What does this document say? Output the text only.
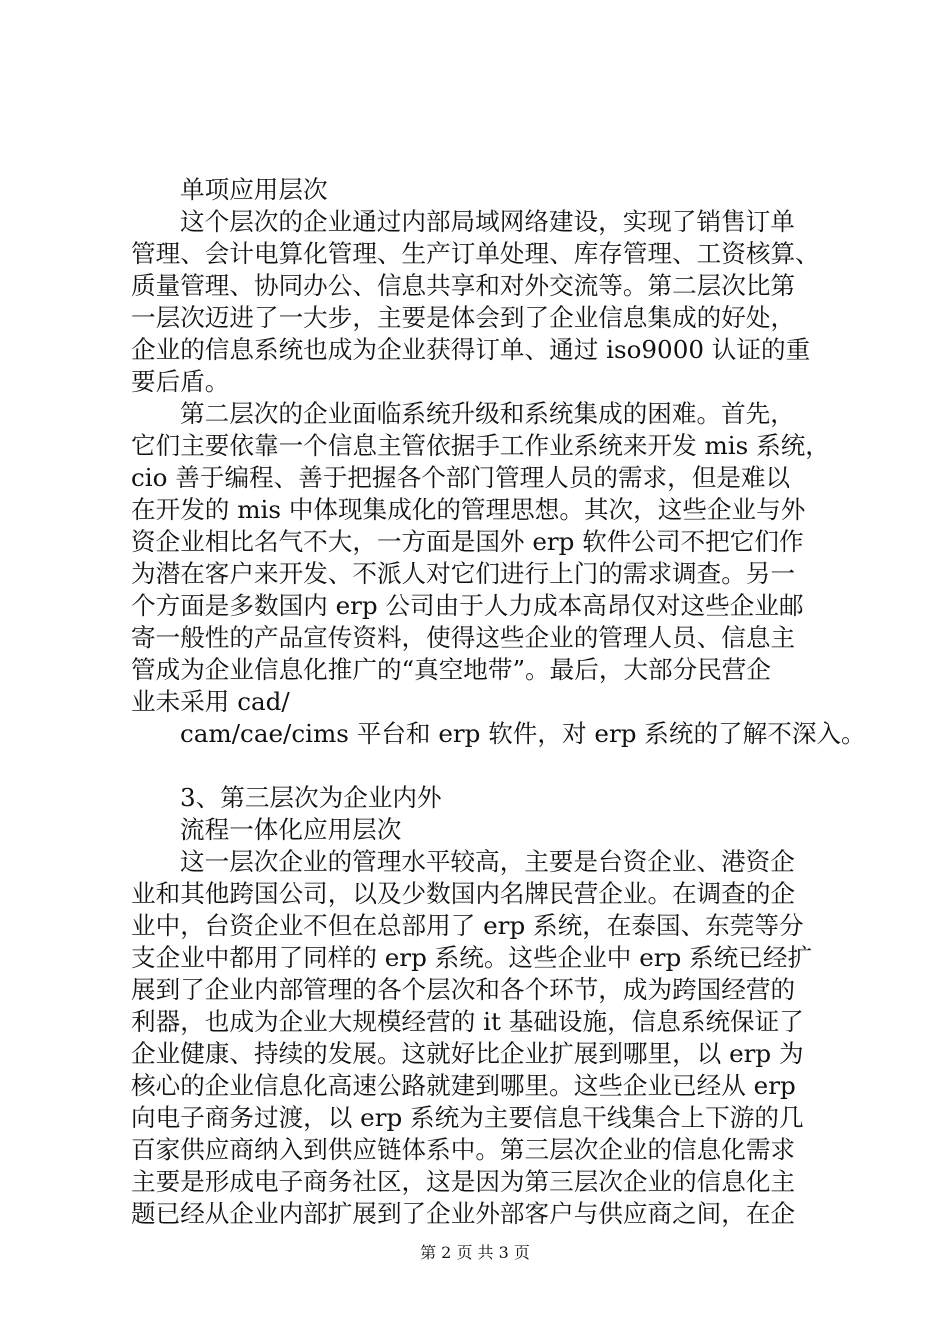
单项应用层次
这个层次的企业通过内部局域网络建设，实现了销售订单
管理、会计电算化管理、生产订单处理、库存管理、工资核算、
质量管理、协同办公、信息共享和对外交流等。第二层次比第
一层次迈进了一大步，主要是体会到了企业信息集成的好处，
企业的信息系统也成为企业获得订单、通过 iso9000 认证的重
要后盾。
第二层次的企业面临系统升级和系统集成的困难。首先，
它们主要依靠一个信息主管依据手工作业系统来开发 mis 系统，
cio 善于编程、善于把握各个部门管理人员的需求，但是难以
在开发的 mis 中体现集成化的管理思想。其次，这些企业与外
资企业相比名气不大，一方面是国外 erp 软件公司不把它们作
为潜在客户来开发、不派人对它们进行上门的需求调查。另一
个方面是多数国内 erp 公司由于人力成本高昂仅对这些企业邮
寄一般性的产品宣传资料，使得这些企业的管理人员、信息主
管成为企业信息化推广的“真空地带”。最后，大部分民营企
业未采用 cad/
cam/cae/cims 平台和 erp 软件，对 erp 系统的了解不深入。
3、第三层次为企业内外
流程一体化应用层次
这一层次企业的管理水平较高，主要是台资企业、港资企
业和其他跨国公司，以及少数国内名牌民营企业。在调查的企
业中，台资企业不但在总部用了 erp 系统，在泰国、东莞等分
支企业中都用了同样的 erp 系统。这些企业中 erp 系统已经扩
展到了企业内部管理的各个层次和各个环节，成为跨国经营的
利器，也成为企业大规模经营的 it 基础设施，信息系统保证了
企业健康、持续的发展。这就好比企业扩展到哪里，以 erp 为
核心的企业信息化高速公路就建到哪里。这些企业已经从 erp
向电子商务过渡，以 erp 系统为主要信息干线集合上下游的几
百家供应商纳入到供应链体系中。第三层次企业的信息化需求
主要是形成电子商务社区，这是因为第三层次企业的信息化主
题已经从企业内部扩展到了企业外部客户与供应商之间，在企
第 2 页 共 3 页
